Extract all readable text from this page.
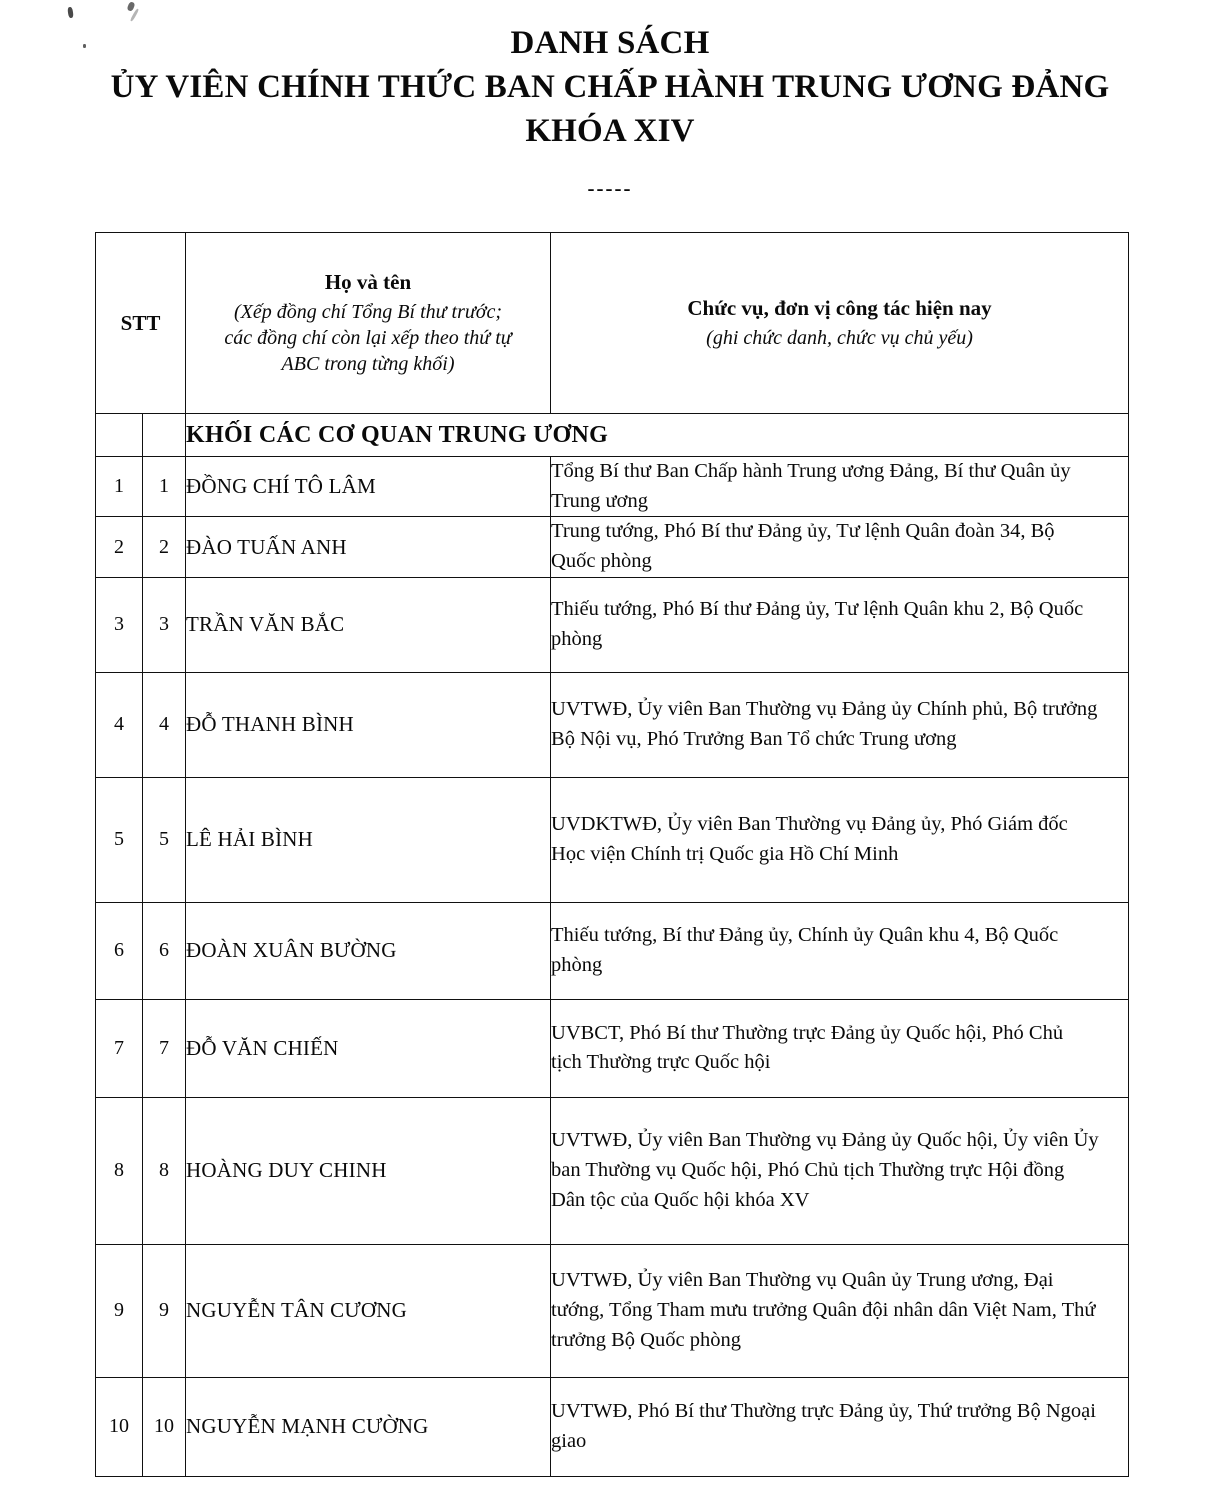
DANH SÁCH
ỦY VIÊN CHÍNH THỨC BAN CHẤP HÀNH TRUNG ƯƠNG ĐẢNG
KHÓA XIV
-----
STT		Họ và tên
(Xếp đồng chí Tổng Bí thư trước;
các đồng chí còn lại xếp theo thứ tự
ABC trong từng khối)	Chức vụ, đơn vị công tác hiện nay
(ghi chức danh, chức vụ chủ yếu)

		KHỐI CÁC CƠ QUAN TRUNG ƯƠNG	
1	1	ĐỒNG CHÍ TÔ LÂM	Tổng Bí thư Ban Chấp hành Trung ương Đảng, Bí thư Quân ủy
Trung ương

2	2	ĐÀO TUẤN ANH	Trung tướng, Phó Bí thư Đảng ủy, Tư lệnh Quân đoàn 34, Bộ
Quốc phòng

3	3	TRẦN VĂN BẮC	Thiếu tướng, Phó Bí thư Đảng ủy, Tư lệnh Quân khu 2, Bộ Quốc
phòng

4	4	ĐỖ THANH BÌNH	UVTWĐ, Ủy viên Ban Thường vụ Đảng ủy Chính phủ, Bộ trưởng
Bộ Nội vụ, Phó Trưởng Ban Tổ chức Trung ương

5	5	LÊ HẢI BÌNH	UVDKTWĐ, Ủy viên Ban Thường vụ Đảng ủy, Phó Giám đốc
Học viện Chính trị Quốc gia Hồ Chí Minh

6	6	ĐOÀN XUÂN BƯỜNG	Thiếu tướng, Bí thư Đảng ủy, Chính ủy Quân khu 4, Bộ Quốc
phòng

7	7	ĐỖ VĂN CHIẾN	UVBCT, Phó Bí thư Thường trực Đảng ủy Quốc hội, Phó Chủ
tịch Thường trực Quốc hội

8	8	HOÀNG DUY CHINH	UVTWĐ, Ủy viên Ban Thường vụ Đảng ủy Quốc hội, Ủy viên Ủy
ban Thường vụ Quốc hội, Phó Chủ tịch Thường trực Hội đồng
Dân tộc của Quốc hội khóa XV

9	9	NGUYỄN TÂN CƯƠNG	UVTWĐ, Ủy viên Ban Thường vụ Quân ủy Trung ương, Đại
tướng, Tổng Tham mưu trưởng Quân đội nhân dân Việt Nam, Thứ
trưởng Bộ Quốc phòng

10	10	NGUYỄN MẠNH CƯỜNG	UVTWĐ, Phó Bí thư Thường trực Đảng ủy, Thứ trưởng Bộ Ngoại
giao
